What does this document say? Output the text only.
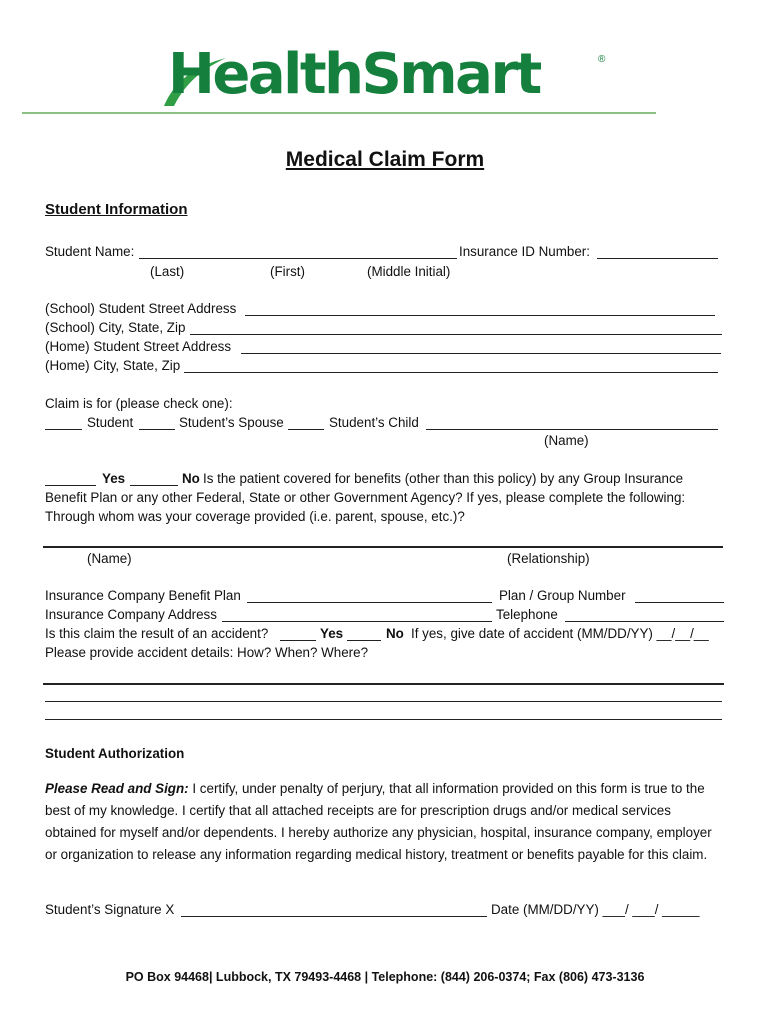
HealthSmart	®
Medical Claim Form
Student Information
Student Name:	Insurance ID Number:
(Last)	(First)	(Middle Initial)
(School) Student Street Address
(School) City, State, Zip
(Home) Student Street Address
(Home) City, State, Zip
Claim is for (please check one):
Student	Student’s Spouse	Student’s Child
(Name)
Yes	No Is the patient covered for benefits (other than this policy) by any Group Insurance
Benefit Plan or any other Federal, State or other Government Agency? If yes, please complete the following:
Through whom was your coverage provided (i.e. parent, spouse, etc.)?
(Name)	(Relationship)
Insurance Company Benefit Plan	Plan / Group Number
Insurance Company Address	Telephone
Is this claim the result of an accident?	Yes	No If yes, give date of accident (MM/DD/YY) __/__/__
Please provide accident details: How? When? Where?
Student Authorization
Please Read and Sign: I certify, under penalty of perjury, that all information provided on this form is true to the best of my knowledge. I certify that all attached receipts are for prescription drugs and/or medical services obtained for myself and/or dependents. I hereby authorize any physician, hospital, insurance company, employer or organization to release any information regarding medical history, treatment or benefits payable for this claim.
Student’s Signature X	Date (MM/DD/YY) ___/ ___/ _____
PO Box 94468| Lubbock, TX 79493-4468 | Telephone: (844) 206-0374; Fax (806) 473-3136
